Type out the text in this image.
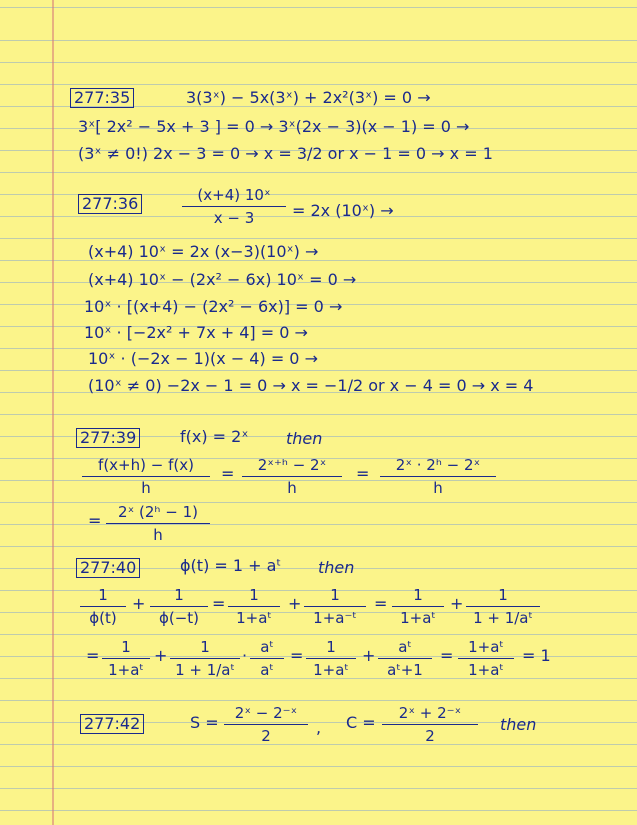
277:35	3(3ˣ) − 5x(3ˣ) + 2x²(3ˣ) = 0 →
3ˣ[ 2x² − 5x + 3 ] = 0 → 3ˣ(2x − 3)(x − 1) = 0 →
(3ˣ ≠ 0!) 2x − 3 = 0 → x = 3/2 or x − 1 = 0 → x = 1
277:36	(x+4) 10ˣ
x − 3	= 2x (10ˣ) →
(x+4) 10ˣ = 2x (x−3)(10ˣ) →
(x+4) 10ˣ − (2x² − 6x) 10ˣ = 0 →
10ˣ · [(x+4) − (2x² − 6x)] = 0 →
10ˣ · [−2x² + 7x + 4] = 0 →
10ˣ · (−2x − 1)(x − 4) = 0 →
(10ˣ ≠ 0) −2x − 1 = 0 → x = −1/2 or x − 4 = 0 → x = 4
277:39	f(x) = 2ˣ then
f(x+h) − f(x)
h
=	2ˣ⁺ʰ − 2ˣ
h
=	2ˣ · 2ʰ − 2ˣ
h
=	2ˣ (2ʰ − 1)
h
277:40	ϕ(t) = 1 + aᵗ then
1
ϕ(t)
+	1
ϕ(−t)
=	1
1+aᵗ
+	1
1+a⁻ᵗ
=	1
1+aᵗ
+	1
1 + 1/aᵗ
=	1
1+aᵗ
+	1
1 + 1/aᵗ
· aᵗ
aᵗ
=	1
1+aᵗ
+	aᵗ
aᵗ+1
= 1+aᵗ
1+aᵗ
= 1
277:42	S =	2ˣ − 2⁻ˣ
2	, C =	2ˣ + 2⁻ˣ
2
then
